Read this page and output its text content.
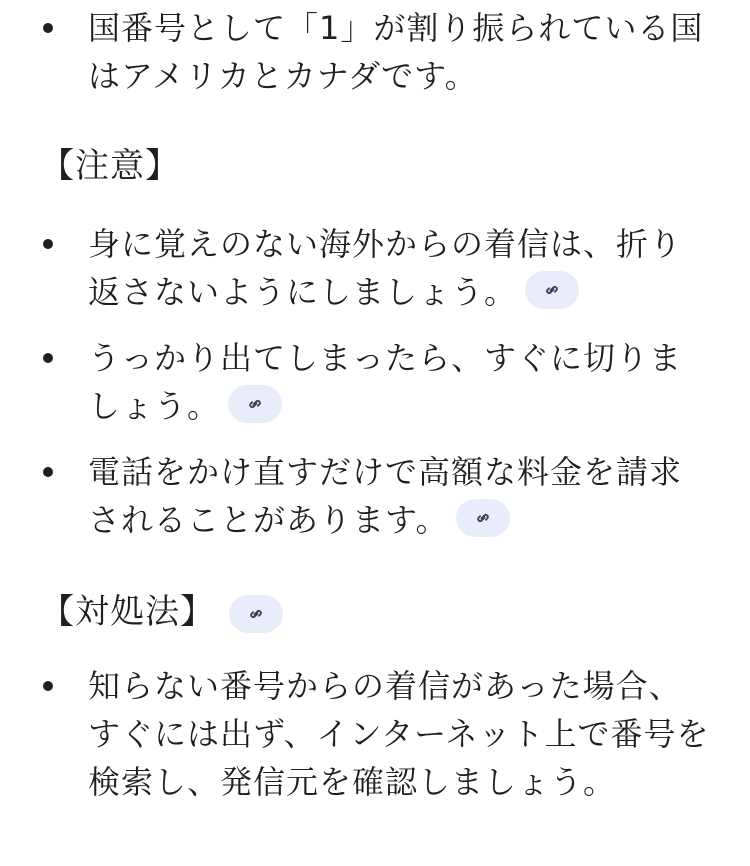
国番号として「1」が割り振られている国はアメリカとカナダです。
【注意】
身に覚えのない海外からの着信は、折り返さないようにしましょう。
うっかり出てしまったら、すぐに切りましょう。
電話をかけ直すだけで高額な料金を請求されることがあります。
【対処法】
知らない番号からの着信があった場合、すぐには出ず、インターネット上で番号を検索し、発信元を確認しましょう。
